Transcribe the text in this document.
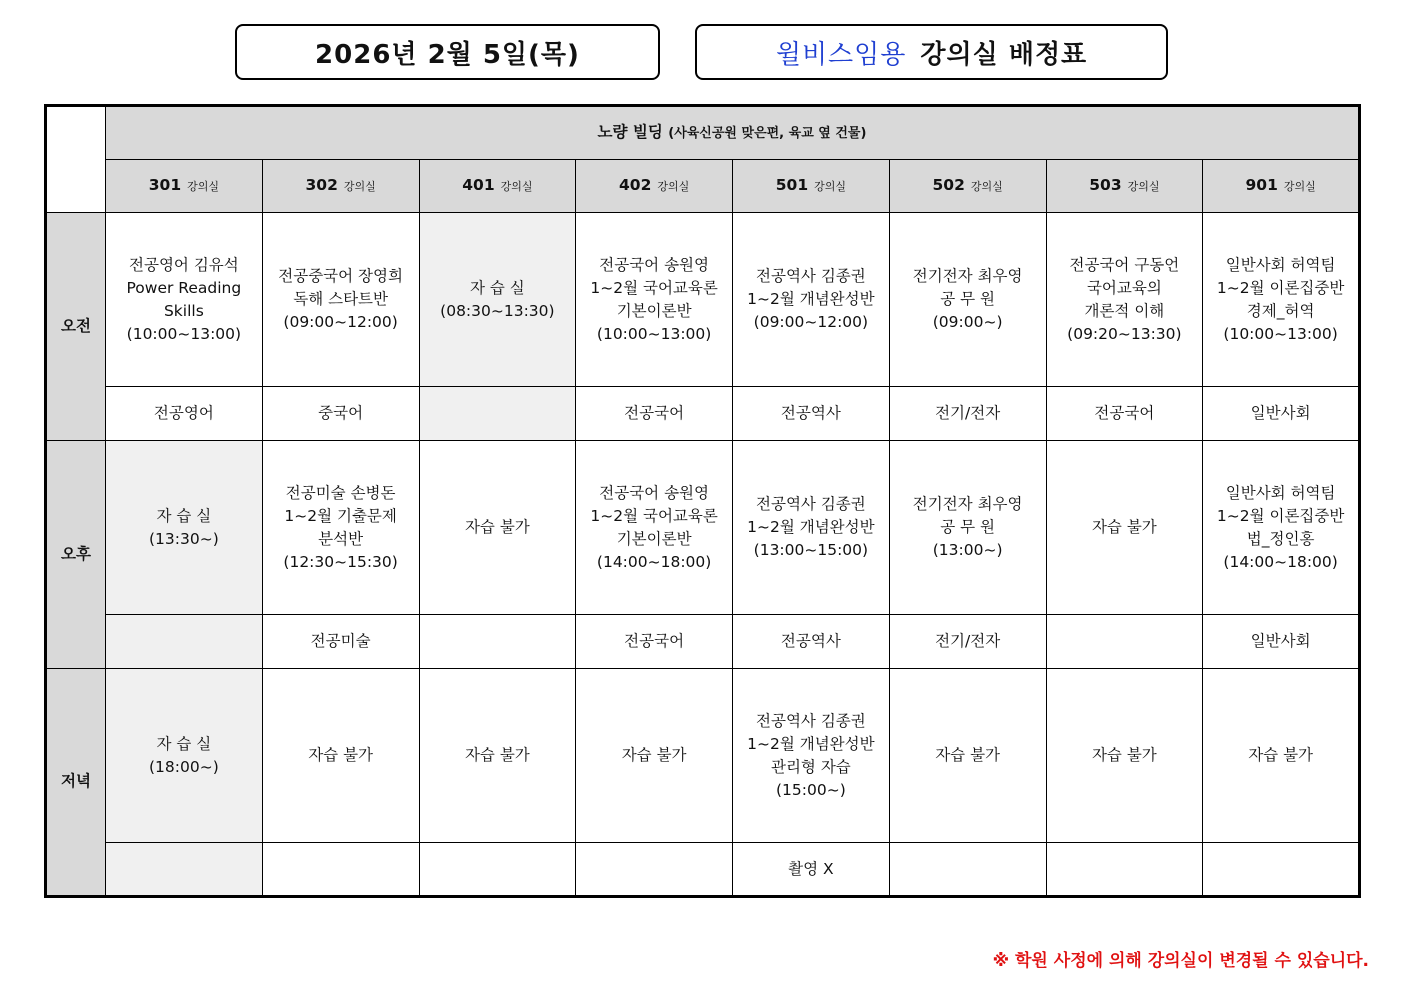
2026년 2월 5일(목)	윌비스임용 강의실 배정표
	노량 빌딩 (사육신공원 맞은편, 육교 옆 건물)							
	301 강의실	302 강의실	401 강의실	402 강의실	501 강의실	502 강의실	503 강의실	901 강의실
오전	전공영어 김유석
Power Reading
Skills
(10:00~13:00)	전공중국어 장영희
독해 스타트반
(09:00~12:00)	자 습 실
(08:30~13:30)	전공국어 송원영
1~2월 국어교육론
기본이론반
(10:00~13:00)	전공역사 김종권
1~2월 개념완성반
(09:00~12:00)	전기전자 최우영
공 무 원
(09:00~)	전공국어 구동언
국어교육의
개론적 이해
(09:20~13:30)	일반사회 허역팀
1~2월 이론집중반
경제_허역
(10:00~13:00)

	전공영어	중국어		전공국어	전공역사	전기/전자	전공국어	일반사회
오후	자 습 실
(13:30~)	전공미술 손병돈
1~2월 기출문제
분석반
(12:30~15:30)	자습 불가	전공국어 송원영
1~2월 국어교육론
기본이론반
(14:00~18:00)	전공역사 김종권
1~2월 개념완성반
(13:00~15:00)	전기전자 최우영
공 무 원
(13:00~)	자습 불가	일반사회 허역팀
1~2월 이론집중반
법_정인홍
(14:00~18:00)

		전공미술		전공국어	전공역사	전기/전자		일반사회
저녁	자 습 실
(18:00~)	자습 불가	자습 불가	자습 불가	전공역사 김종권
1~2월 개념완성반
관리형 자습
(15:00~)	자습 불가	자습 불가	자습 불가

					촬영 X			
※ 학원 사정에 의해 강의실이 변경될 수 있습니다.
